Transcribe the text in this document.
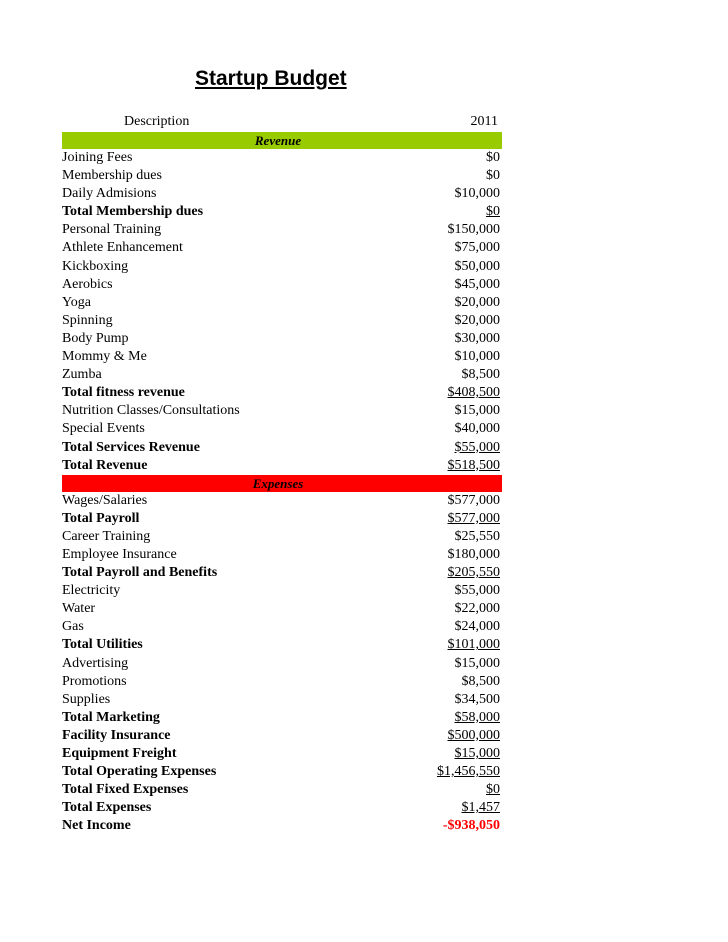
Startup Budget
Description	2011
Revenue
Joining Fees	$0
Membership dues	$0
Daily Admisions	$10,000
Total Membership dues	$0
Personal Training	$150,000
Athlete Enhancement	$75,000
Kickboxing	$50,000
Aerobics	$45,000
Yoga	$20,000
Spinning	$20,000
Body Pump	$30,000
Mommy & Me	$10,000
Zumba	$8,500
Total fitness revenue	$408,500
Nutrition Classes/Consultations	$15,000
Special Events	$40,000
Total Services Revenue	$55,000
Total Revenue	$518,500
Expenses
Wages/Salaries	$577,000
Total Payroll	$577,000
Career Training	$25,550
Employee Insurance	$180,000
Total Payroll and Benefits	$205,550
Electricity	$55,000
Water	$22,000
Gas	$24,000
Total Utilities	$101,000
Advertising	$15,000
Promotions	$8,500
Supplies	$34,500
Total Marketing	$58,000
Facility Insurance	$500,000
Equipment Freight	$15,000
Total Operating Expenses	$1,456,550
Total Fixed Expenses	$0
Total Expenses	$1,457
Net Income	-$938,050
